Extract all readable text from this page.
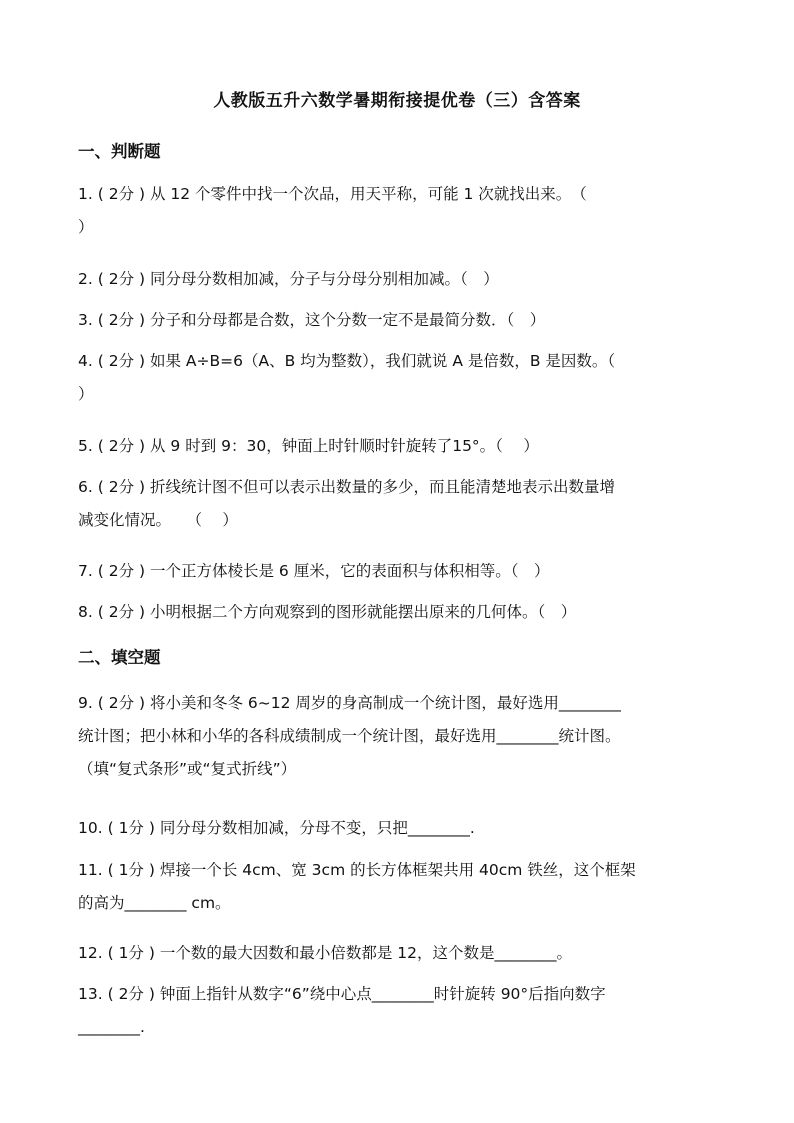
人教版五升六数学暑期衔接提优卷（三）含答案
一、判断题
1. ( 2分 ) 从 12 个零件中找一个次品，用天平称，可能 1 次就找出来。　（
）
2. ( 2分 ) 同分母分数相加减，分子与分母分别相加减。（　）
3. ( 2分 ) 分子和分母都是合数，这个分数一定不是最简分数．（　）
4. ( 2分 ) 如果 A÷B=6（A、B 均为整数），我们就说 A 是倍数，B 是因数。（
）
5. ( 2分 ) 从 9 时到 9：30，钟面上时针顺时针旋转了15°。（　 ）
6. ( 2分 ) 折线统计图不但可以表示出数量的多少，而且能清楚地表示出数量增
减变化情况。　　（　 ）
7. ( 2分 ) 一个正方体棱长是 6 厘米，它的表面积与体积相等。（　）
8. ( 2分 ) 小明根据二个方向观察到的图形就能摆出原来的几何体。（　）
二、填空题
9. ( 2分 ) 将小美和冬冬 6~12 周岁的身高制成一个统计图，最好选用________
统计图；把小林和小华的各科成绩制成一个统计图，最好选用________统计图。
（填“复式条形”或“复式折线”）
10. ( 1分 ) 同分母分数相加减，分母不变，只把________.
11. ( 1分 ) 焊接一个长 4cm、宽 3cm 的长方体框架共用 40cm 铁丝，这个框架
的高为________ cm。
12. ( 1分 ) 一个数的最大因数和最小倍数都是 12，这个数是________。
13. ( 2分 ) 钟面上指针从数字“6”绕中心点________时针旋转 90°后指向数字
________.
